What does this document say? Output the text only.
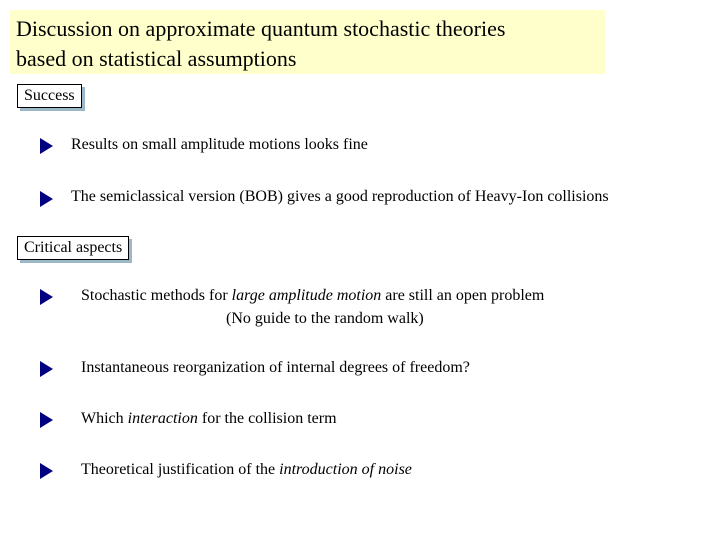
Discussion on approximate quantum stochastic theories
based on statistical assumptions
Success
Results on small amplitude motions looks fine
The semiclassical version (BOB) gives a good reproduction of Heavy-Ion collisions
Critical aspects
Stochastic methods for large amplitude motion are still an open problem
(No guide to the random walk)
Instantaneous reorganization of internal degrees of freedom?
Which interaction for the collision term
Theoretical justification of the introduction of noise
